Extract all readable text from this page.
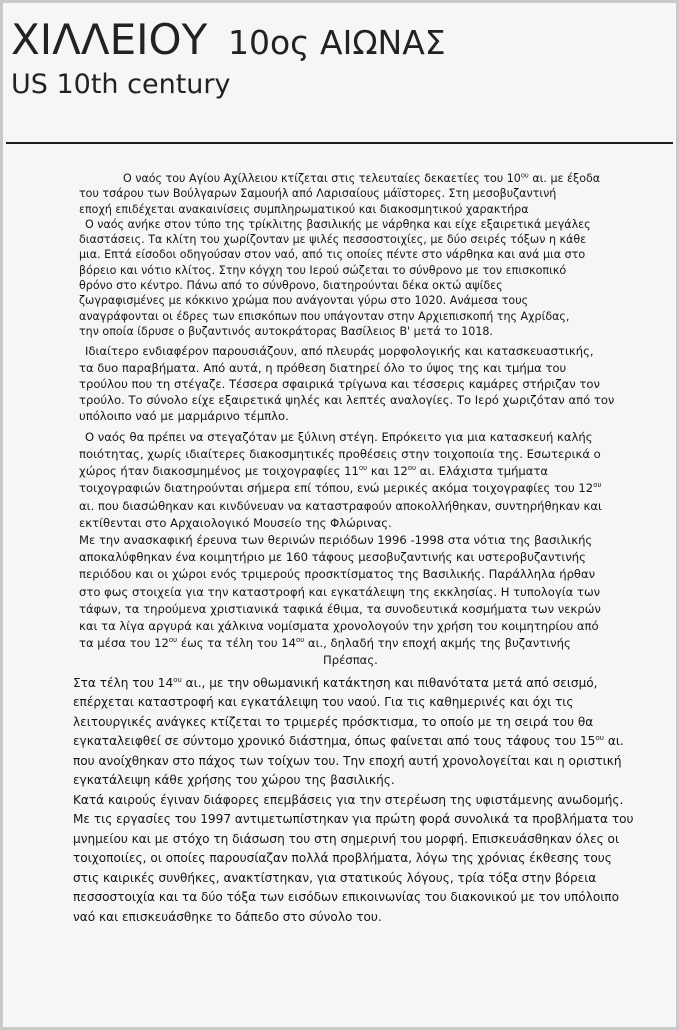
ΧΙΛΛΕΙΟΥ 10ος ΑΙΩΝΑΣ
US 10th century
Ο ναός του Αγίου Αχίλλειου κτίζεται στις τελευταίες δεκαετίες του $10^{o\upsilon}$ αι. με έξοδα
του τσάρου των Βούλγαρων Σαμουήλ από Λαρισαίους μάϊστορες. Στη μεσοβυζαντινή
εποχή επιδέχεται ανακαινίσεις συμπληρωματικού και διακοσμητικού χαρακτήρα
Ο ναός ανήκε στον τύπο της τρίκλιτης βασιλικής με νάρθηκα και είχε εξαιρετικά μεγάλες
διαστάσεις. Τα κλίτη του χωρίζονταν με ψιλές πεσσοστοιχίες, με δύο σειρές τόξων η κάθε
μια. Επτά είσοδοι οδηγούσαν στον ναό, από τις οποίες πέντε στο νάρθηκα και ανά μια στο
βόρειο και νότιο κλίτος. Στην κόγχη του Ιερού σώζεται το σύνθρονο με τον επισκοπικό
θρόνο στο κέντρο. Πάνω από το σύνθρονο, διατηρούνται δέκα οκτώ αψίδες
ζωγραφισμένες με κόκκινο χρώμα που ανάγονται γύρω στο 1020. Ανάμεσα τους
αναγράφονται οι έδρες των επισκόπων που υπάγονταν στην Αρχιεπισκοπή της Αχρίδας,
την οποία ίδρυσε ο βυζαντινός αυτοκράτορας Βασίλειος Β' μετά το 1018.
Ιδιαίτερο ενδιαφέρον παρουσιάζουν, από πλευράς μορφολογικής και κατασκευαστικής,
τα δυο παραβήματα. Από αυτά, η πρόθεση διατηρεί όλο το ύψος της και τμήμα του
τρούλου που τη στέγαζε. Τέσσερα σφαιρικά τρίγωνα και τέσσερις καμάρες στήριζαν τον
τρούλο. Το σύνολο είχε εξαιρετικά ψηλές και λεπτές αναλογίες. Το Ιερό χωριζόταν από τον
υπόλοιπο ναό με μαρμάρινο τέμπλο.
Ο ναός θα πρέπει να στεγαζόταν με ξύλινη στέγη. Επρόκειτο για μια κατασκευή καλής
ποιότητας, χωρίς ιδιαίτερες διακοσμητικές προθέσεις στην τοιχοποιία της. Εσωτερικά ο
χώρος ήταν διακοσμημένος με τοιχογραφίες $11^{o\upsilon}$ και $12^{o\upsilon}$ αι. Ελάχιστα τμήματα
τοιχογραφιών διατηρούνται σήμερα επί τόπου, ενώ μερικές ακόμα τοιχογραφίες του $12^{o\upsilon}$
αι. που διασώθηκαν και κινδύνευαν να καταστραφούν αποκολλήθηκαν, συντηρήθηκαν και
εκτίθενται στο Αρχαιολογικό Μουσείο της Φλώρινας.
Με την ανασκαφική έρευνα των θερινών περιόδων 1996 -1998 στα νότια της βασιλικής
αποκαλύφθηκαν ένα κοιμητήριο με 160 τάφους μεσοβυζαντινής και υστεροβυζαντινής
περιόδου και οι χώροι ενός τριμερούς προσκτίσματος της Βασιλικής. Παράλληλα ήρθαν
στο φως στοιχεία για την καταστροφή και εγκατάλειψη της εκκλησίας. Η τυπολογία των
τάφων, τα τηρούμενα χριστιανικά ταφικά έθιμα, τα συνοδευτικά κοσμήματα των νεκρών
και τα λίγα αργυρά και χάλκινα νομίσματα χρονολογούν την χρήση του κοιμητηρίου από
τα μέσα του $12^{o\upsilon}$ έως τα τέλη του $14^{o\upsilon}$ αι., δηλαδή την εποχή ακμής της βυζαντινής
Πρέσπας.
Στα τέλη του $14^{o\upsilon}$ αι., με την οθωμανική κατάκτηση και πιθανότατα μετά από σεισμό,
επέρχεται καταστροφή και εγκατάλειψη του ναού. Για τις καθημερινές και όχι τις
λειτουργικές ανάγκες κτίζεται το τριμερές πρόσκτισμα, το οποίο με τη σειρά του θα
εγκαταλειφθεί σε σύντομο χρονικό διάστημα, όπως φαίνεται από τους τάφους του $15^{o\upsilon}$ αι.
που ανοίχθηκαν στο πάχος των τοίχων του. Την εποχή αυτή χρονολογείται και η οριστική
εγκατάλειψη κάθε χρήσης του χώρου της βασιλικής.
Κατά καιρούς έγιναν διάφορες επεμβάσεις για την στερέωση της υφιστάμενης ανωδομής.
Με τις εργασίες του 1997 αντιμετωπίστηκαν για πρώτη φορά συνολικά τα προβλήματα του
μνημείου και με στόχο τη διάσωση του στη σημερινή του μορφή. Επισκευάσθηκαν όλες οι
τοιχοποιίες, οι οποίες παρουσίαζαν πολλά προβλήματα, λόγω της χρόνιας έκθεσης τους
στις καιρικές συνθήκες, ανακτίστηκαν, για στατικούς λόγους, τρία τόξα στην βόρεια
πεσσοστοιχία και τα δύο τόξα των εισόδων επικοινωνίας του διακονικού με τον υπόλοιπο
ναό και επισκευάσθηκε το δάπεδο στο σύνολο του.
